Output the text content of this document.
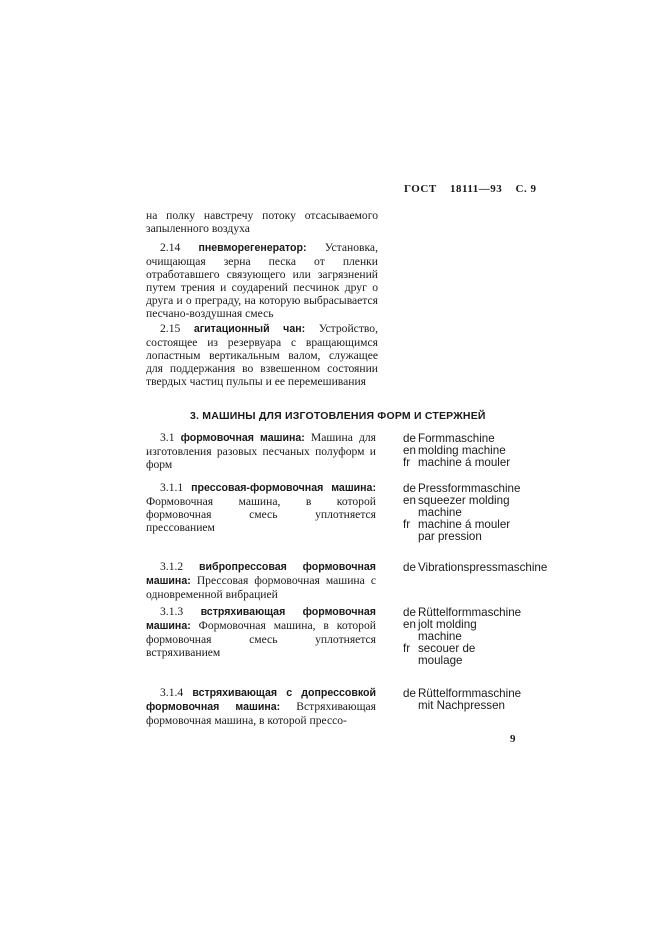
ГОСТ 18111—93 С. 9
на полку навстречу потоку отсасываемого запыленного воздуха
2.14 пневморегенератор: Установка, очищающая зерна песка от пленки отработавшего связующего или загрязнений путем трения и соударений песчинок друг о друга и о преграду, на которую выбрасывается песчано-воздушная смесь
2.15 агитационный чан: Устройство, состоящее из резервуара с вращающимся лопастным вертикальным валом, служащее для поддержания во взвешенном состоянии твердых частиц пульпы и ее перемешивания
3. МАШИНЫ ДЛЯ ИЗГОТОВЛЕНИЯ ФОРМ И СТЕРЖНЕЙ
3.1 формовочная машина: Машина для изготовления разовых песчаных полуформ и форм
de Formmaschine
en molding machine
fr machine á mouler
3.1.1 прессовая-формовочная машина: Формовочная машина, в которой формовочная смесь уплотняется прессованием
de Pressformmaschine
en squeezer molding machine
fr machine á mouler par pression
3.1.2 вибропрессовая формовочная машина: Прессовая формовочная машина с одновременной вибрацией
de Vibrationspressmaschine
3.1.3 встряхивающая формовочная машина: Формовочная машина, в которой формовочная смесь уплотняется встряхиванием
de Rüttelformmaschine
en jolt molding machine
fr secouer de moulage
3.1.4 встряхивающая с допрессовкой формовочная машина: Встряхивающая формовочная машина, в которой прессо-
de Rüttelformmaschine mit Nachpressen
9
